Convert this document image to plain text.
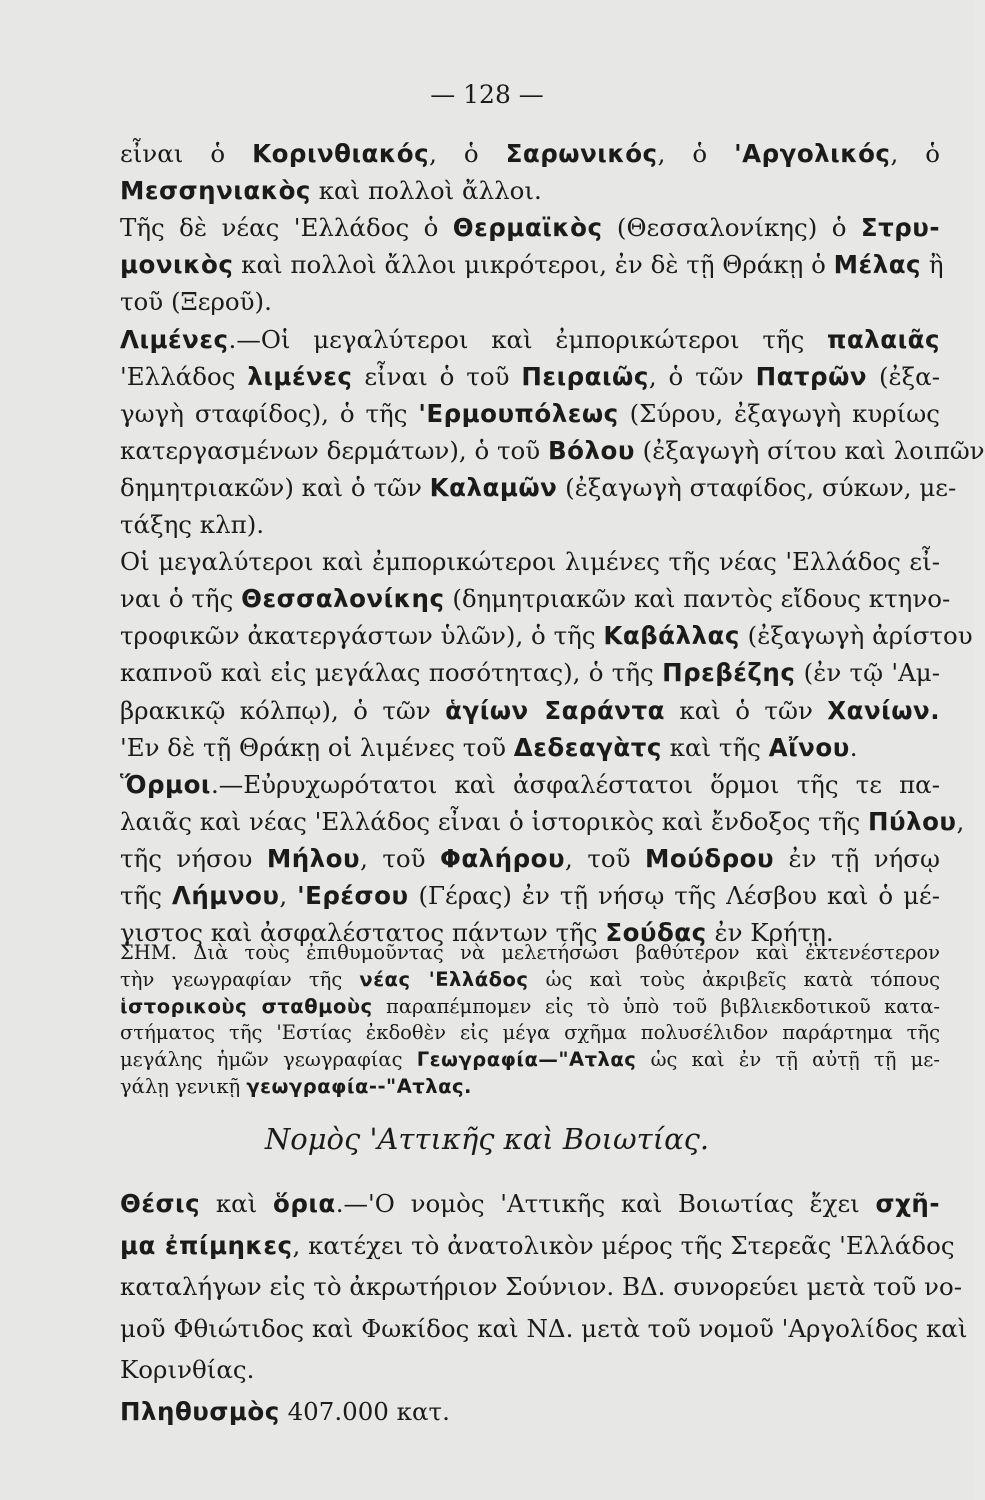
— 128 —
εἶναι ὁ Κορινθιακός, ὁ Σαρωνικός, ὁ 'Αργολικός, ὁ
Μεσσηνιακὸς καὶ πολλοὶ ἄλλοι.
Τῆς δὲ νέας 'Ελλάδος ὁ Θερμαϊκὸς (Θεσσαλονίκης) ὁ Στρυ-
μονικὸς καὶ πολλοὶ ἄλλοι μικρότεροι, ἐν δὲ τῇ Θράκῃ ὁ Μέλας ἢ
τοῦ (Ξεροῦ).
Λιμένες.—Οἱ μεγαλύτεροι καὶ ἐμπορικώτεροι τῆς παλαιᾶς
'Ελλάδος λιμένες εἶναι ὁ τοῦ Πειραιῶς, ὁ τῶν Πατρῶν (ἐξα-
γωγὴ σταφίδος), ὁ τῆς 'Ερμουπόλεως (Σύρου, ἐξαγωγὴ κυρίως
κατεργασμένων δερμάτων), ὁ τοῦ Βόλου (ἐξαγωγὴ σίτου καὶ λοιπῶν
δημητριακῶν) καὶ ὁ τῶν Καλαμῶν (ἐξαγωγὴ σταφίδος, σύκων, με-
τάξης κλπ).
Οἱ μεγαλύτεροι καὶ ἐμπορικώτεροι λιμένες τῆς νέας 'Ελλάδος εἶ-
ναι ὁ τῆς Θεσσαλονίκης (δημητριακῶν καὶ παντὸς εἴδους κτηνο-
τροφικῶν ἀκατεργάστων ὑλῶν), ὁ τῆς Καβάλλας (ἐξαγωγὴ ἀρίστου
καπνοῦ καὶ εἰς μεγάλας ποσότητας), ὁ τῆς Πρεβέζης (ἐν τῷ 'Αμ-
βρακικῷ κόλπῳ), ὁ τῶν ἁγίων Σαράντα καὶ ὁ τῶν Χανίων.
'Εν δὲ τῇ Θράκῃ οἱ λιμένες τοῦ Δεδεαγὰτς καὶ τῆς Αἴνου.
Ὅρμοι.—Εὐρυχωρότατοι καὶ ἀσφαλέστατοι ὅρμοι τῆς τε πα-
λαιᾶς καὶ νέας 'Ελλάδος εἶναι ὁ ἱστορικὸς καὶ ἔνδοξος τῆς Πύλου,
τῆς νήσου Μήλου, τοῦ Φαλήρου, τοῦ Μούδρου ἐν τῇ νήσῳ
τῆς Λήμνου, 'Ερέσου (Γέρας) ἐν τῇ νήσῳ τῆς Λέσβου καὶ ὁ μέ-
γιστος καὶ ἀσφαλέστατος πάντων τῆς Σούδας ἐν Κρήτῃ.
ΣΗΜ. Διὰ τοὺς ἐπιθυμοῦντας νὰ μελετήσωσι βαθύτερον καὶ ἐκτενέστερον
τὴν γεωγραφίαν τῆς νέας 'Ελλάδος ὡς καὶ τοὺς ἀκριβεῖς κατὰ τόπους
ἱστορικοὺς σταθμοὺς παραπέμπομεν εἰς τὸ ὑπὸ τοῦ βιβλιεκδοτικοῦ κατα-
στήματος τῆς 'Εστίας ἐκδοθὲν εἰς μέγα σχῆμα πολυσέλιδον παράρτημα τῆς
μεγάλης ἡμῶν γεωγραφίας Γεωγραφία—"Ατλας ὡς καὶ ἐν τῇ αὐτῇ τῇ με-
γάλῃ γενικῇ γεωγραφία--"Ατλας.
Νομὸς 'Αττικῆς καὶ Βοιωτίας.
Θέσις καὶ ὅρια.—'Ο νομὸς 'Αττικῆς καὶ Βοιωτίας ἔχει σχῆ-
μα ἐπίμηκες, κατέχει τὸ ἀνατολικὸν μέρος τῆς Στερεᾶς 'Ελλάδος
καταλήγων εἰς τὸ ἀκρωτήριον Σούνιον. ΒΔ. συνορεύει μετὰ τοῦ νο-
μοῦ Φθιώτιδος καὶ Φωκίδος καὶ ΝΔ. μετὰ τοῦ νομοῦ 'Αργολίδος καὶ
Κορινθίας.
Πληθυσμὸς 407.000 κατ.
